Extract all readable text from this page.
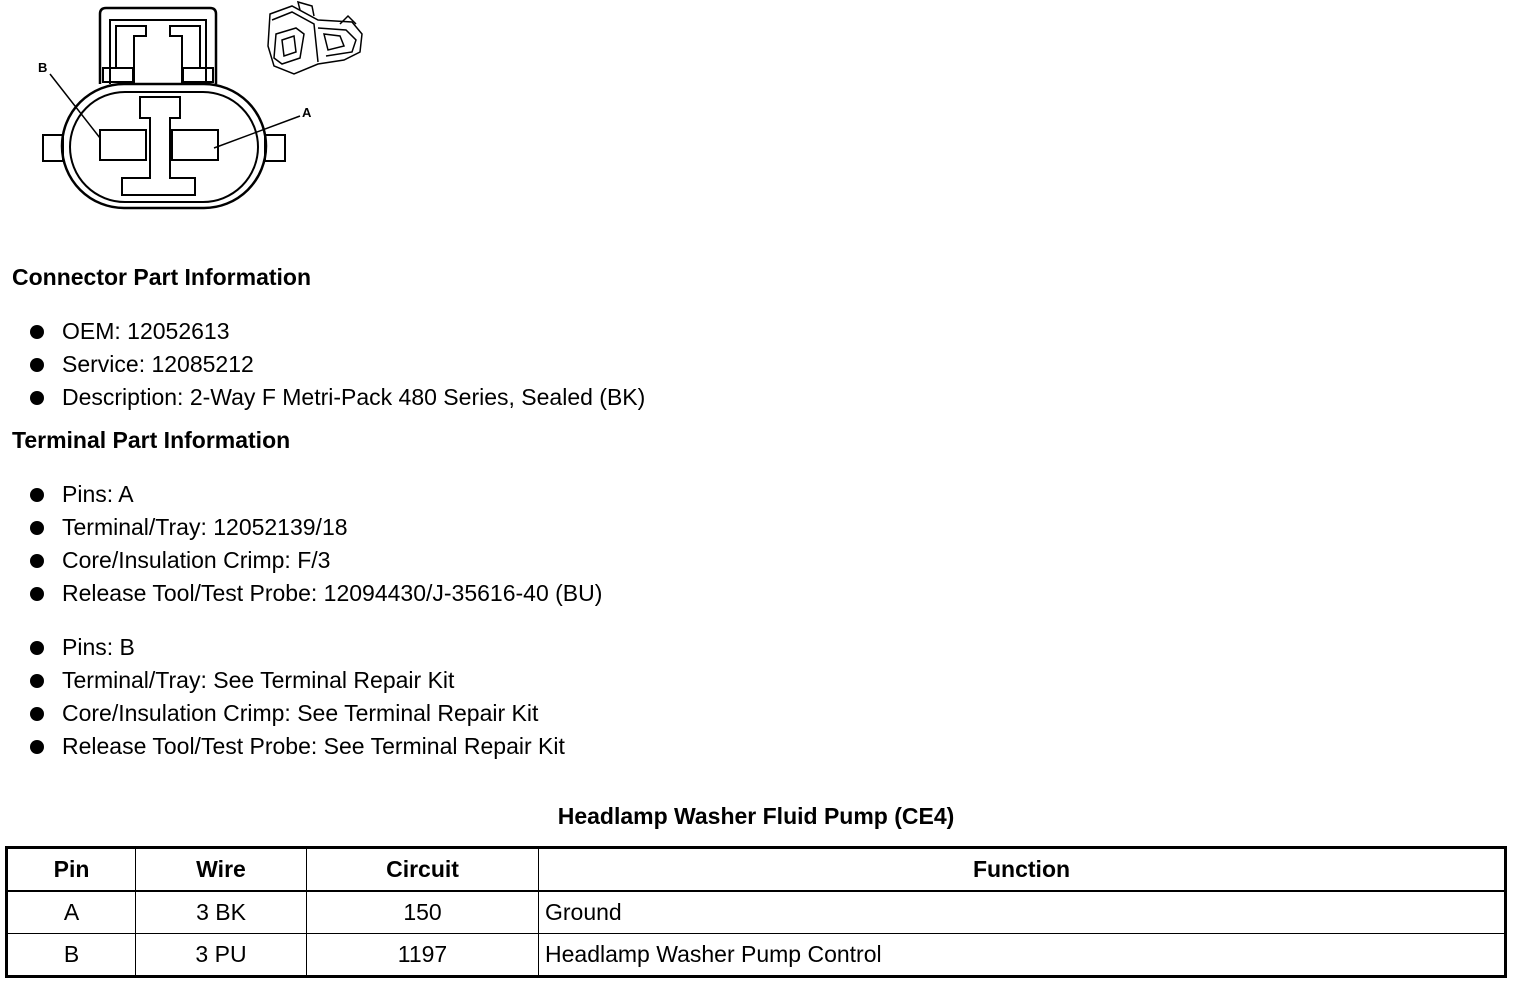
B
A
Connector Part Information
OEM: 12052613
Service: 12085212
Description: 2-Way F Metri-Pack 480 Series, Sealed (BK)
Terminal Part Information
Pins: A
Terminal/Tray: 12052139/18
Core/Insulation Crimp: F/3
Release Tool/Test Probe: 12094430/J-35616-40 (BU)
Pins: B
Terminal/Tray: See Terminal Repair Kit
Core/Insulation Crimp: See Terminal Repair Kit
Release Tool/Test Probe: See Terminal Repair Kit
Headlamp Washer Fluid Pump (CE4)
Pin	Wire	Circuit	Function
A	3 BK	150	Ground
B	3 PU	1197	Headlamp Washer Pump Control
